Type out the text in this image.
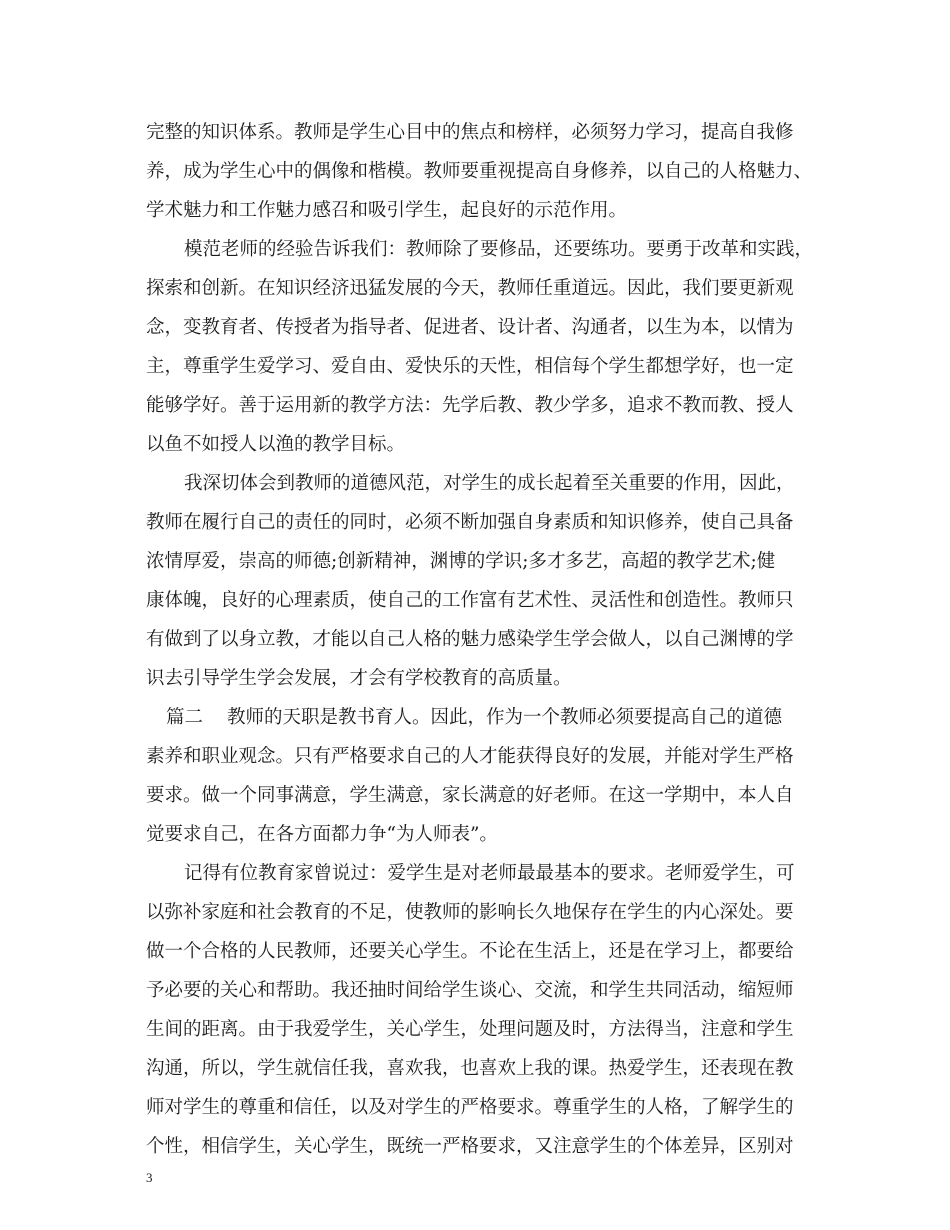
完整的知识体系。教师是学生心目中的焦点和榜样，必须努力学习，提高自我修
养，成为学生心中的偶像和楷模。教师要重视提高自身修养，以自己的人格魅力、
学术魅力和工作魅力感召和吸引学生，起良好的示范作用。
模范老师的经验告诉我们：教师除了要修品，还要练功。要勇于改革和实践，
探索和创新。在知识经济迅猛发展的今天，教师任重道远。因此，我们要更新观
念，变教育者、传授者为指导者、促进者、设计者、沟通者，以生为本，以情为
主，尊重学生爱学习、爱自由、爱快乐的天性，相信每个学生都想学好，也一定
能够学好。善于运用新的教学方法：先学后教、教少学多，追求不教而教、授人
以鱼不如授人以渔的教学目标。
我深切体会到教师的道德风范，对学生的成长起着至关重要的作用，因此，
教师在履行自己的责任的同时，必须不断加强自身素质和知识修养，使自己具备
浓情厚爱，崇高的师德;创新精神，渊博的学识;多才多艺，高超的教学艺术;健
康体魄，良好的心理素质，使自己的工作富有艺术性、灵活性和创造性。教师只
有做到了以身立教，才能以自己人格的魅力感染学生学会做人，以自己渊博的学
识去引导学生学会发展，才会有学校教育的高质量。
篇二 教师的天职是教书育人。因此，作为一个教师必须要提高自己的道德
素养和职业观念。只有严格要求自己的人才能获得良好的发展，并能对学生严格
要求。做一个同事满意，学生满意，家长满意的好老师。在这一学期中，本人自
觉要求自己，在各方面都力争“为人师表”。
记得有位教育家曾说过：爱学生是对老师最最基本的要求。老师爱学生，可
以弥补家庭和社会教育的不足，使教师的影响长久地保存在学生的内心深处。要
做一个合格的人民教师，还要关心学生。不论在生活上，还是在学习上，都要给
予必要的关心和帮助。我还抽时间给学生谈心、交流，和学生共同活动，缩短师
生间的距离。由于我爱学生，关心学生，处理问题及时，方法得当，注意和学生
沟通，所以，学生就信任我，喜欢我，也喜欢上我的课。热爱学生，还表现在教
师对学生的尊重和信任，以及对学生的严格要求。尊重学生的人格，了解学生的
个性，相信学生，关心学生，既统一严格要求，又注意学生的个体差异，区别对
3
